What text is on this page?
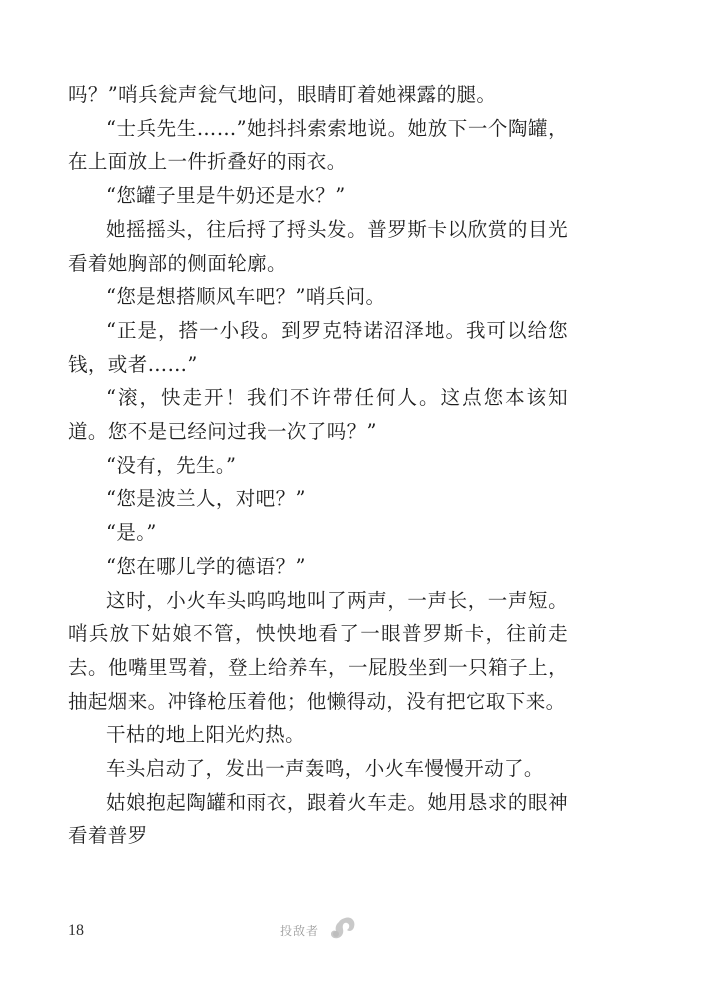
吗？”哨兵瓮声瓮气地问，眼睛盯着她裸露的腿。

“士兵先生……”她抖抖索索地说。她放下一个陶罐，在上面放上一件折叠好的雨衣。

“您罐子里是牛奶还是水？”

她摇摇头，往后捋了捋头发。普罗斯卡以欣赏的目光看着她胸部的侧面轮廓。

“您是想搭顺风车吧？”哨兵问。

“正是，搭一小段。到罗克特诺沼泽地。我可以给您钱，或者……”

“滚，快走开！我们不许带任何人。这点您本该知道。您不是已经问过我一次了吗？”

“没有，先生。”

“您是波兰人，对吧？”

“是。”

“您在哪儿学的德语？”

这时，小火车头呜呜地叫了两声，一声长，一声短。哨兵放下姑娘不管，怏怏地看了一眼普罗斯卡，往前走去。他嘴里骂着，登上给养车，一屁股坐到一只箱子上，抽起烟来。冲锋枪压着他；他懒得动，没有把它取下来。

干枯的地上阳光灼热。

车头启动了，发出一声轰鸣，小火车慢慢开动了。

姑娘抱起陶罐和雨衣，跟着火车走。她用恳求的眼神看着普罗

18	投敌者
